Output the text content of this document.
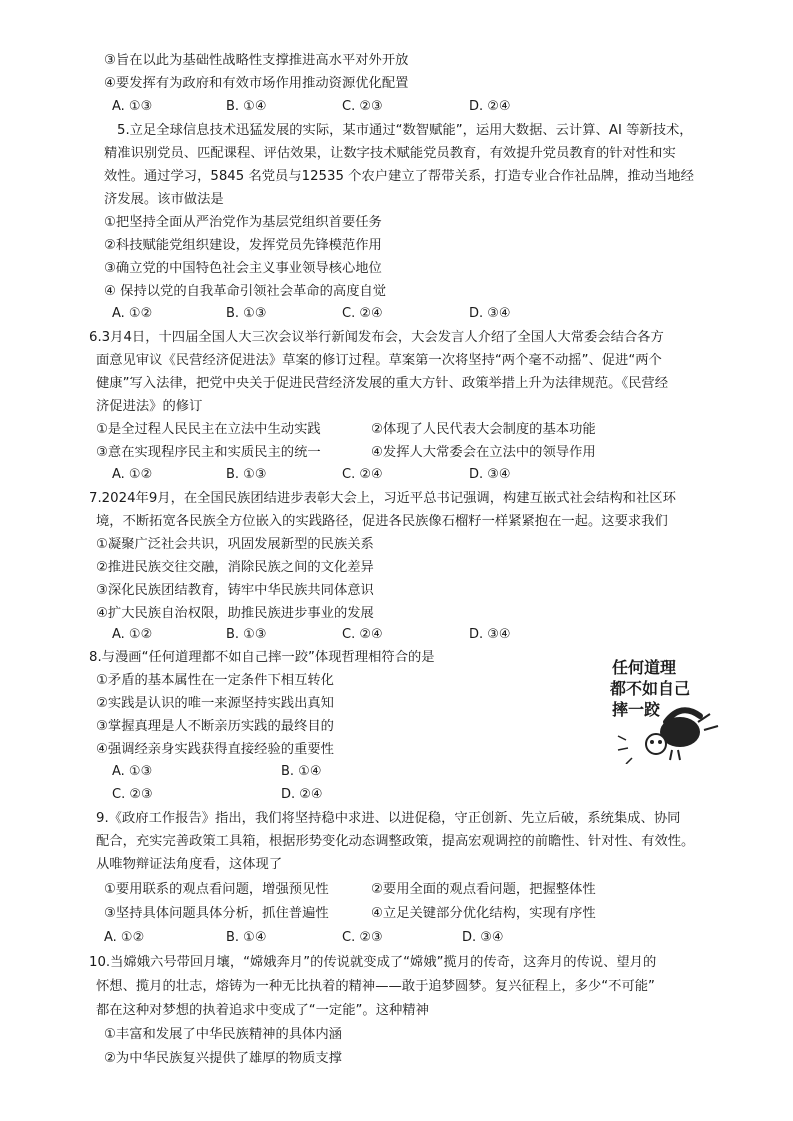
③旨在以此为基础性战略性支撑推进高水平对外开放
④要发挥有为政府和有效市场作用推动资源优化配置
A. ①③	B. ①④	C. ②③	D. ②④
5.立足全球信息技术迅猛发展的实际，某市通过“数智赋能”，运用大数据、云计算、AI 等新技术，
精准识别党员、匹配课程、评估效果，让数字技术赋能党员教育，有效提升党员教育的针对性和实
效性。通过学习，5845 名党员与12535 个农户建立了帮带关系，打造专业合作社品牌，推动当地经
济发展。该市做法是
①把坚持全面从严治党作为基层党组织首要任务
②科技赋能党组织建设，发挥党员先锋模范作用
③确立党的中国特色社会主义事业领导核心地位
④ 保持以党的自我革命引领社会革命的高度自觉
A. ①②	B. ①③	C. ②④	D. ③④
6.3月4日，十四届全国人大三次会议举行新闻发布会，大会发言人介绍了全国人大常委会结合各方
面意见审议《民营经济促进法》草案的修订过程。草案第一次将坚持“两个毫不动摇”、促进“两个
健康”写入法律，把党中央关于促进民营经济发展的重大方针、政策举措上升为法律规范。《民营经
济促进法》的修订
①是全过程人民民主在立法中生动实践	②体现了人民代表大会制度的基本功能
③意在实现程序民主和实质民主的统一	④发挥人大常委会在立法中的领导作用
A. ①②	B. ①③	C. ②④	D. ③④
7.2024年9月，在全国民族团结进步表彰大会上，习近平总书记强调，构建互嵌式社会结构和社区环
境，不断拓宽各民族全方位嵌入的实践路径，促进各民族像石榴籽一样紧紧抱在一起。这要求我们
①凝聚广泛社会共识，巩固发展新型的民族关系
②推进民族交往交融，消除民族之间的文化差异
③深化民族团结教育，铸牢中华民族共同体意识
④扩大民族自治权限，助推民族进步事业的发展
A. ①②	B. ①③	C. ②④	D. ③④
8.与漫画“任何道理都不如自己摔一跤”体现哲理相符合的是
①矛盾的基本属性在一定条件下相互转化
②实践是认识的唯一来源坚持实践出真知
③掌握真理是人不断亲历实践的最终目的
④强调经亲身实践获得直接经验的重要性
A. ①③	B. ①④
C. ②③	D. ②④
任何道理
都不如自己
摔一跤
9.《政府工作报告》指出，我们将坚持稳中求进、以进促稳，守正创新、先立后破，系统集成、协同
配合，充实完善政策工具箱，根据形势变化动态调整政策，提高宏观调控的前瞻性、针对性、有效性。
从唯物辩证法角度看，这体现了
①要用联系的观点看问题，增强预见性	②要用全面的观点看问题，把握整体性
③坚持具体问题具体分析，抓住普遍性	④立足关键部分优化结构，实现有序性
A. ①②	B. ①④	C. ②③	D. ③④
10.当嫦娥六号带回月壤，“嫦娥奔月”的传说就变成了“嫦娥”揽月的传奇，这奔月的传说、望月的
怀想、揽月的壮志，熔铸为一种无比执着的精神——敢于追梦圆梦。复兴征程上，多少“不可能”
都在这种对梦想的执着追求中变成了“一定能”。这种精神
①丰富和发展了中华民族精神的具体内涵
②为中华民族复兴提供了雄厚的物质支撑
